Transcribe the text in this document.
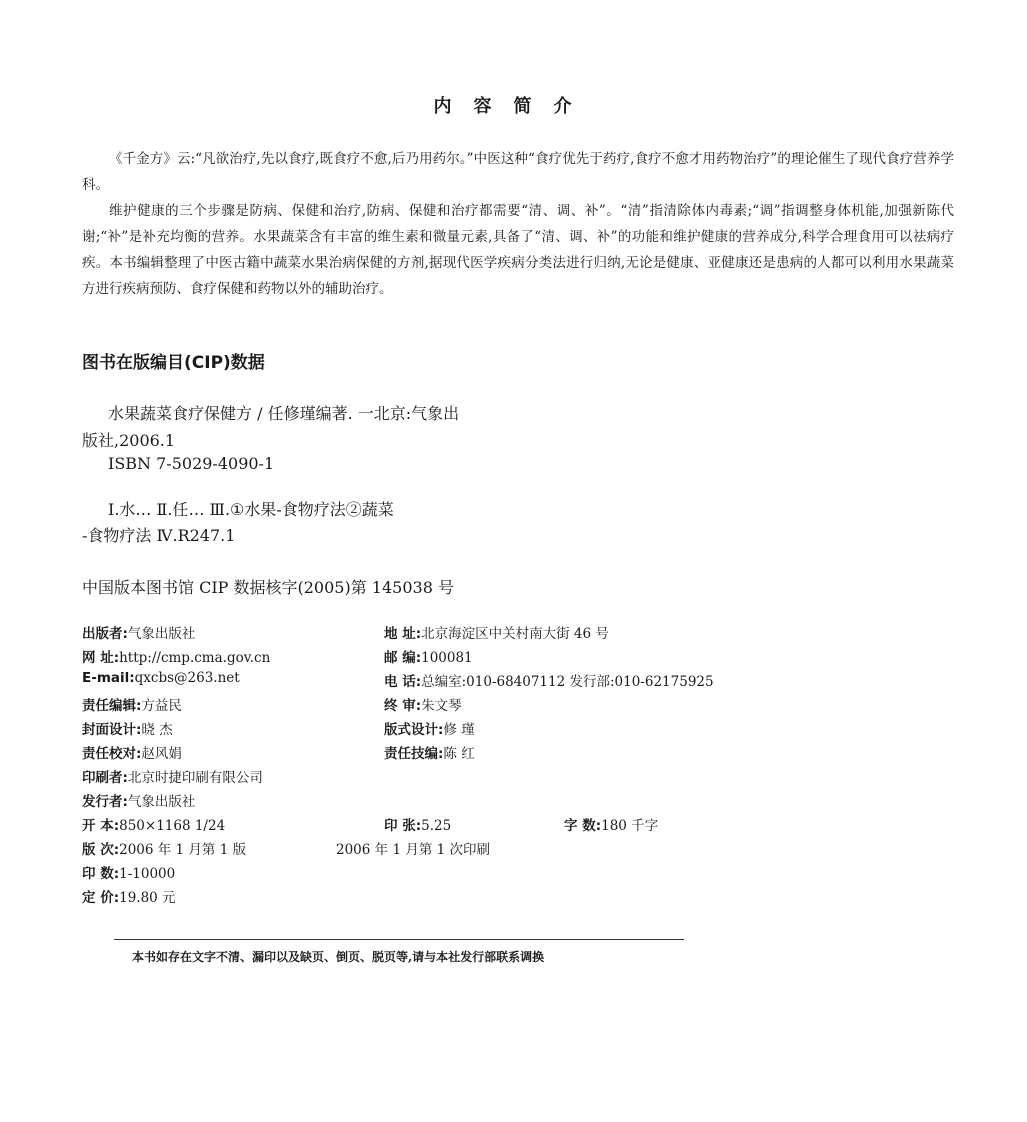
内容简介

《千金方》云:“凡欲治疗,先以食疗,既食疗不愈,后乃用药尔。”中医这种“食疗优先于药疗,食疗不愈才用药物治疗”的理论催生了现代食疗营养学科。

维护健康的三个步骤是防病、保健和治疗,防病、保健和治疗都需要“清、调、补”。“清”指清除体内毒素;“调”指调整身体机能,加强新陈代谢;“补”是补充均衡的营养。水果蔬菜含有丰富的维生素和微量元素,具备了“清、调、补”的功能和维护健康的营养成分,科学合理食用可以祛病疗疾。本书编辑整理了中医古籍中蔬菜水果治病保健的方剂,据现代医学疾病分类法进行归纳,无论是健康、亚健康还是患病的人都可以利用水果蔬菜方进行疾病预防、食疗保健和药物以外的辅助治疗。

图书在版编目(CIP)数据
水果蔬菜食疗保健方 / 任修瑾编著. 一北京:气象出
版社,2006.1
ISBN 7-5029-4090-1
Ⅰ.水… Ⅱ.任… Ⅲ.①水果-食物疗法②蔬菜
-食物疗法 Ⅳ.R247.1
中国版本图书馆 CIP 数据核字(2005)第 145038 号
出版者:气象出版社	地 址:北京海淀区中关村南大街 46 号
网 址:http://cmp.cma.gov.cn	邮 编:100081
E-mail:qxcbs@263.net	电 话:总编室:010-68407112 发行部:010-62175925
责任编辑:方益民	终 审:朱文琴
封面设计:晓 杰	版式设计:修 瑾
责任校对:赵风娟	责任技编:陈 红
印刷者:北京时捷印刷有限公司
发行者:气象出版社
开 本:850×1168 1/24	印 张:5.25	字 数:180 千字
版 次:2006 年 1 月第 1 版	2006 年 1 月第 1 次印刷
印 数:1-10000
定 价:19.80 元
本书如存在文字不清、漏印以及缺页、倒页、脱页等,请与本社发行部联系调换
